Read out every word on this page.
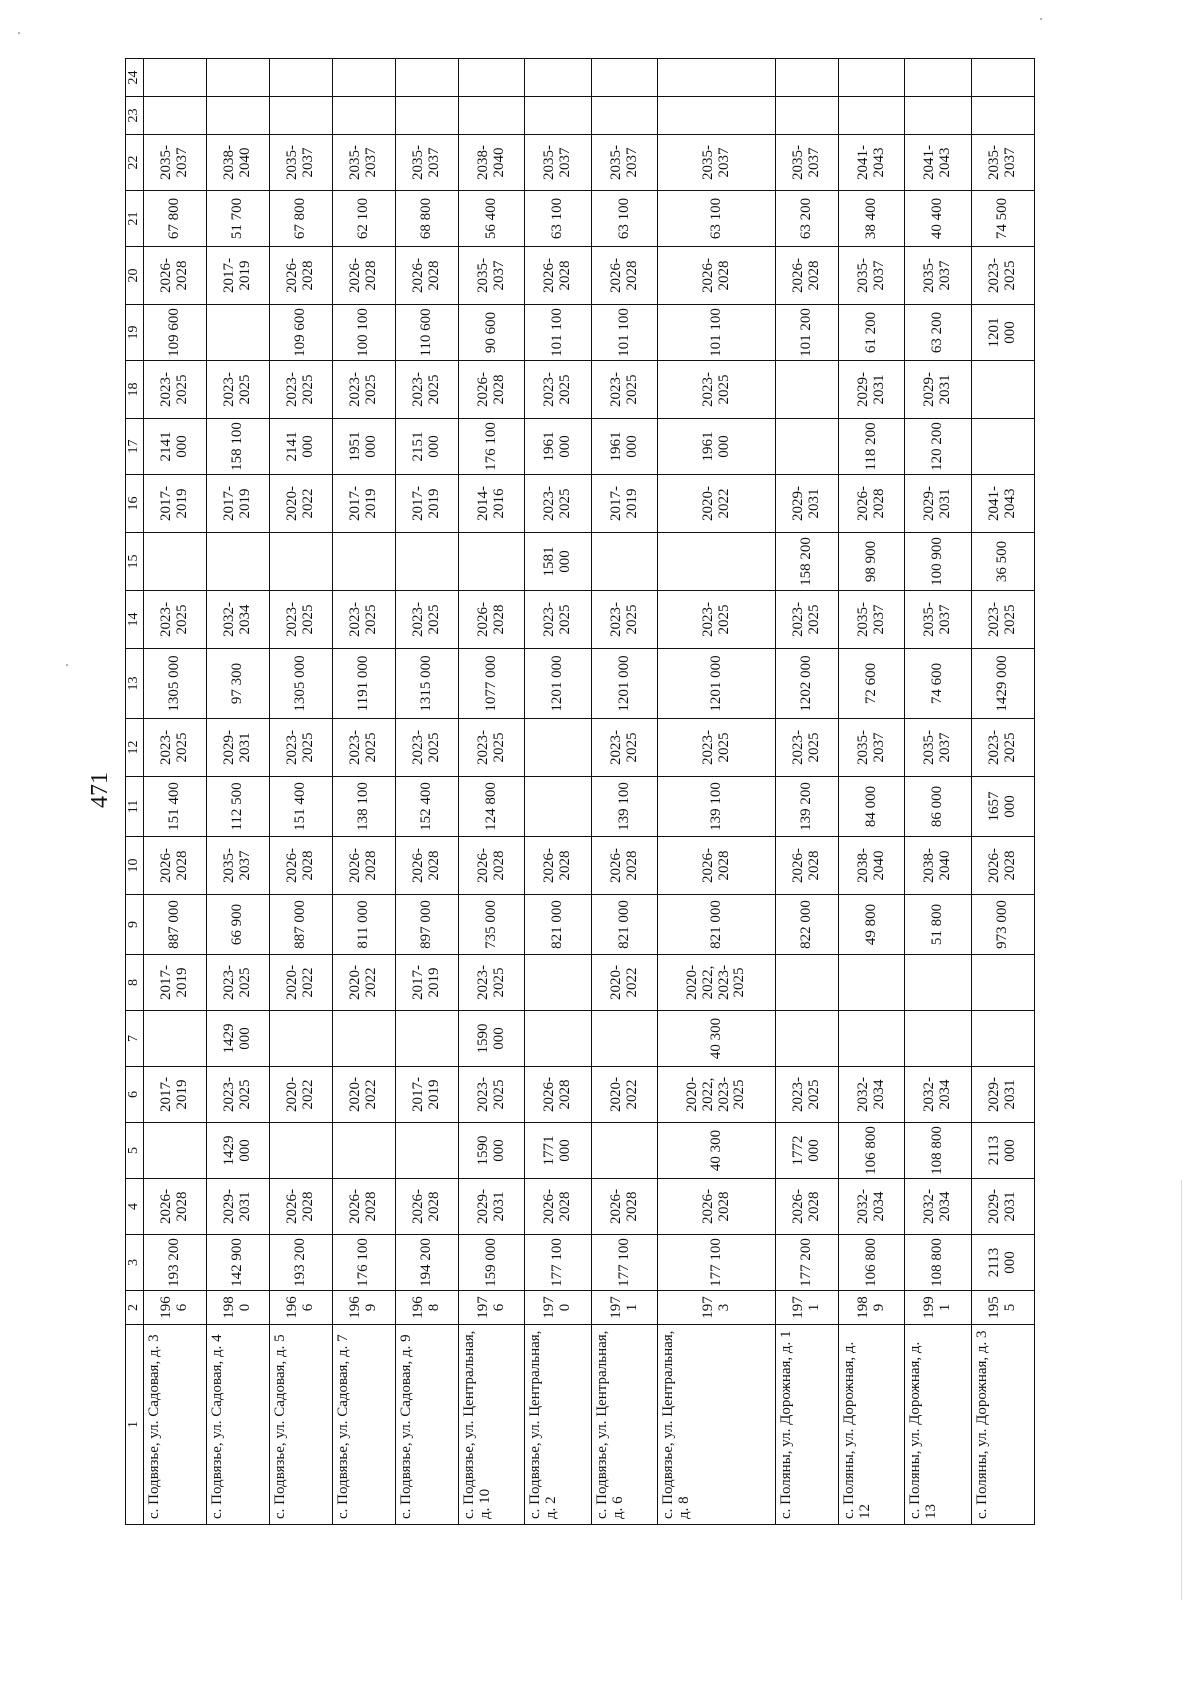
471
1	2	3	4	5	6	7	8	9	10	11	12	13	14	15	16	17	18	19	20	21	22	23	24
с. Подвязье, ул. Садовая, д. 3	1966	193 200	2026-2028		2017-2019		2017-2019	887 000	2026-2028	151 400	2023-2025	1305 000	2023-2025		2017-2019	2141 000	2023-2025	109 600	2026-2028	67 800	2035-2037		
с. Подвязье, ул. Садовая, д. 4	1980	142 900	2029-2031	1429 000	2023-2025	1429 000	2023-2025	66 900	2035-2037	112 500	2029-2031	97 300	2032-2034		2017-2019	158 100	2023-2025		2017-2019	51 700	2038-2040		
с. Подвязье, ул. Садовая, д. 5	1966	193 200	2026-2028		2020-2022		2020-2022	887 000	2026-2028	151 400	2023-2025	1305 000	2023-2025		2020-2022	2141 000	2023-2025	109 600	2026-2028	67 800	2035-2037		
с. Подвязье, ул. Садовая, д. 7	1969	176 100	2026-2028		2020-2022		2020-2022	811 000	2026-2028	138 100	2023-2025	1191 000	2023-2025		2017-2019	1951 000	2023-2025	100 100	2026-2028	62 100	2035-2037		
с. Подвязье, ул. Садовая, д. 9	1968	194 200	2026-2028		2017-2019		2017-2019	897 000	2026-2028	152 400	2023-2025	1315 000	2023-2025		2017-2019	2151 000	2023-2025	110 600	2026-2028	68 800	2035-2037		
с. Подвязье, ул. Центральная, д. 10	1976	159 000	2029-2031	1590 000	2023-2025	1590 000	2023-2025	735 000	2026-2028	124 800	2023-2025	1077 000	2026-2028		2014-2016	176 100	2026-2028	90 600	2035-2037	56 400	2038-2040		
с. Подвязье, ул. Центральная, д. 2	1970	177 100	2026-2028	1771 000	2026-2028			821 000	2026-2028			1201 000	2023-2025	1581 000	2023-2025	1961 000	2023-2025	101 100	2026-2028	63 100	2035-2037		
с. Подвязье, ул. Центральная, д. 6	1971	177 100	2026-2028		2020-2022		2020-2022	821 000	2026-2028	139 100	2023-2025	1201 000	2023-2025		2017-2019	1961 000	2023-2025	101 100	2026-2028	63 100	2035-2037		
с. Подвязье, ул. Центральная, д. 8	1973	177 100	2026-2028	40 300	2020-2022, 2023-2025	40 300	2020-2022, 2023-2025	821 000	2026-2028	139 100	2023-2025	1201 000	2023-2025		2020-2022	1961 000	2023-2025	101 100	2026-2028	63 100	2035-2037		
с. Поляны, ул. Дорожная, д. 1	1971	177 200	2026-2028	1772 000	2023-2025			822 000	2026-2028	139 200	2023-2025	1202 000	2023-2025	158 200	2029-2031			101 200	2026-2028	63 200	2035-2037		
с. Поляны, ул. Дорожная, д. 12	1989	106 800	2032-2034	106 800	2032-2034			49 800	2038-2040	84 000	2035-2037	72 600	2035-2037	98 900	2026-2028	118 200	2029-2031	61 200	2035-2037	38 400	2041-2043		
с. Поляны, ул. Дорожная, д. 13	1991	108 800	2032-2034	108 800	2032-2034			51 800	2038-2040	86 000	2035-2037	74 600	2035-2037	100 900	2029-2031	120 200	2029-2031	63 200	2035-2037	40 400	2041-2043		
с. Поляны, ул. Дорожная, д. 3	1955	2113 000	2029-2031	2113 000	2029-2031			973 000	2026-2028	1657 000	2023-2025	1429 000	2023-2025	36 500	2041-2043			1201 000	2023-2025	74 500	2035-2037		
